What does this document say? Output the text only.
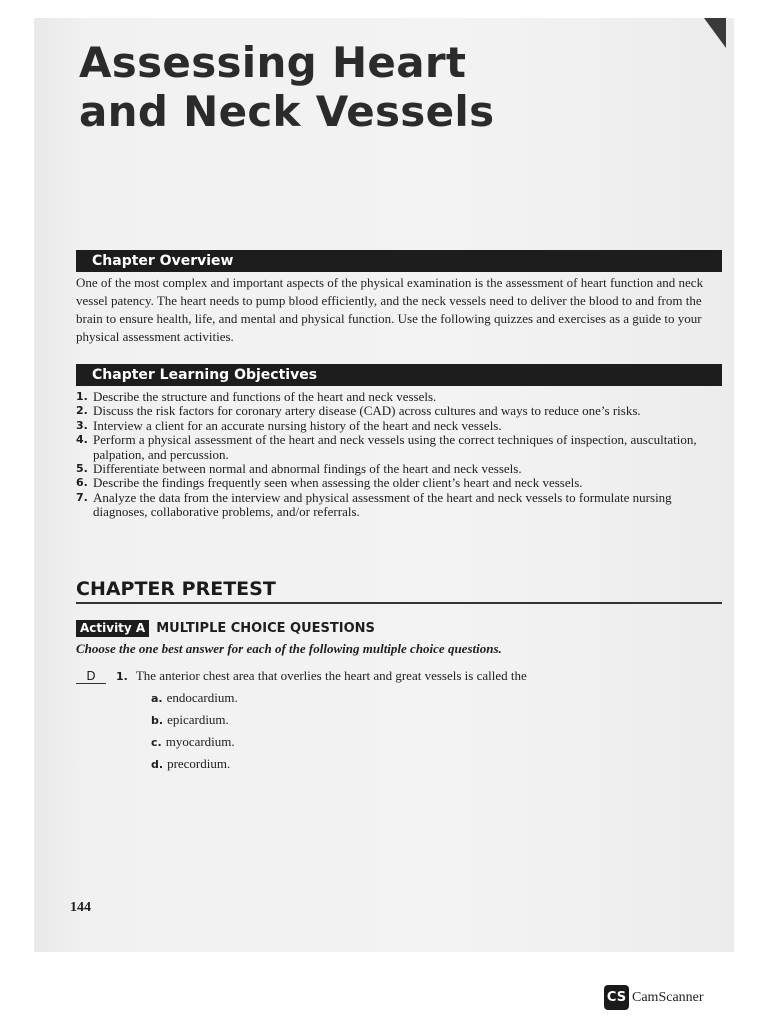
Assessing Heart
and Neck Vessels
Chapter Overview
One of the most complex and important aspects of the physical examination is the assessment of heart function and neck vessel patency. The heart needs to pump blood efficiently, and the neck vessels need to deliver the blood to and from the brain to ensure health, life, and mental and physical function. Use the following quizzes and exercises as a guide to your physical assessment activities.
Chapter Learning Objectives
1. Describe the structure and functions of the heart and neck vessels.
2. Discuss the risk factors for coronary artery disease (CAD) across cultures and ways to reduce one’s risks.
3. Interview a client for an accurate nursing history of the heart and neck vessels.
4. Perform a physical assessment of the heart and neck vessels using the correct techniques of inspection, auscultation, palpation, and percussion.
5. Differentiate between normal and abnormal findings of the heart and neck vessels.
6. Describe the findings frequently seen when assessing the older client’s heart and neck vessels.
7. Analyze the data from the interview and physical assessment of the heart and neck vessels to formulate nursing diagnoses, collaborative problems, and/or referrals.
CHAPTER PRETEST
Activity A MULTIPLE CHOICE QUESTIONS
Choose the one best answer for each of the following multiple choice questions.
D	1. The anterior chest area that overlies the heart and great vessels is called the
a. endocardium.
b. epicardium.
c. myocardium.
d. precordium.
144
CS CamScanner
